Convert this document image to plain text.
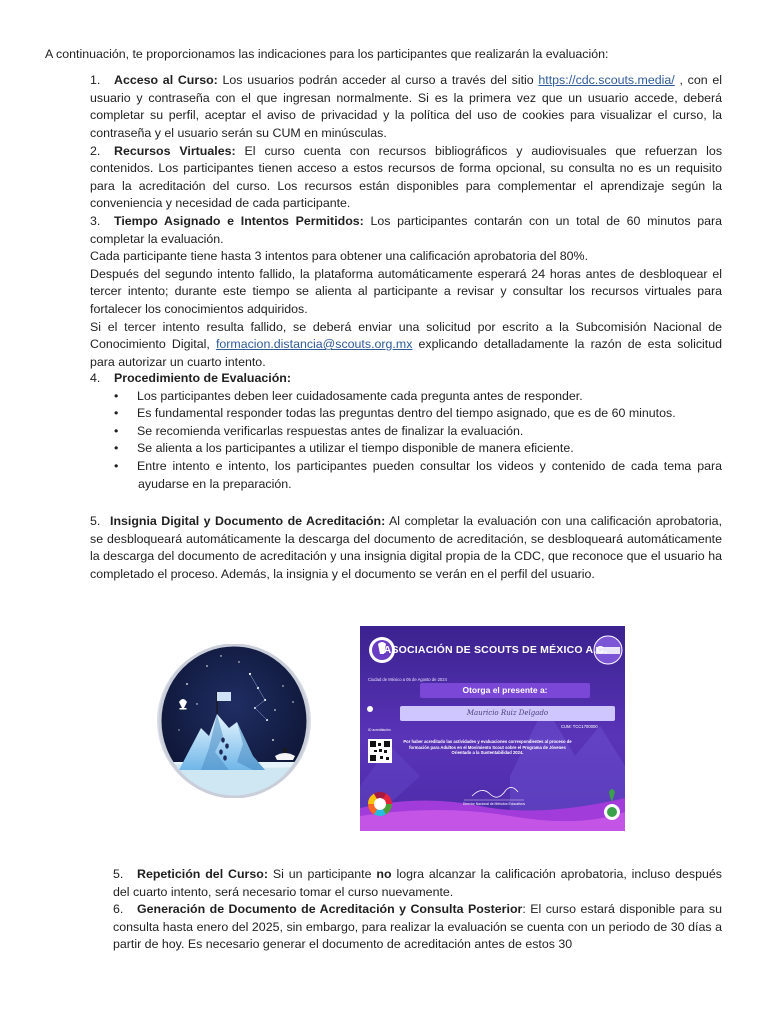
A continuación, te proporcionamos las indicaciones para los participantes que realizarán la evaluación:

1. Acceso al Curso: Los usuarios podrán acceder al curso a través del sitio https://cdc.scouts.media/ , con el usuario y contraseña con el que ingresan normalmente. Si es la primera vez que un usuario accede, deberá completar su perfil, aceptar el aviso de privacidad y la política del uso de cookies para visualizar el curso, la contraseña y el usuario serán su CUM en minúsculas.

2. Recursos Virtuales: El curso cuenta con recursos bibliográficos y audiovisuales que refuerzan los contenidos. Los participantes tienen acceso a estos recursos de forma opcional, su consulta no es un requisito para la acreditación del curso. Los recursos están disponibles para complementar el aprendizaje según la conveniencia y necesidad de cada participante.

3. Tiempo Asignado e Intentos Permitidos: Los participantes contarán con un total de 60 minutos para completar la evaluación.

Cada participante tiene hasta 3 intentos para obtener una calificación aprobatoria del 80%.

Después del segundo intento fallido, la plataforma automáticamente esperará 24 horas antes de desbloquear el tercer intento; durante este tiempo se alienta al participante a revisar y consultar los recursos virtuales para fortalecer los conocimientos adquiridos.

Si el tercer intento resulta fallido, se deberá enviar una solicitud por escrito a la Subcomisión Nacional de Conocimiento Digital, formacion.distancia@scouts.org.mx explicando detalladamente la razón de esta solicitud para autorizar un cuarto intento.

4. Procedimiento de Evaluación:

• Los participantes deben leer cuidadosamente cada pregunta antes de responder.
• Es fundamental responder todas las preguntas dentro del tiempo asignado, que es de 60 minutos.
• Se recomienda verificarlas respuestas antes de finalizar la evaluación.
• Se alienta a los participantes a utilizar el tiempo disponible de manera eficiente.
• Entre intento e intento, los participantes pueden consultar los videos y contenido de cada tema para ayudarse en la preparación.

5. Insignia Digital y Documento de Acreditación: Al completar la evaluación con una calificación aprobatoria, se desbloqueará automáticamente la descarga del documento de acreditación, se desbloqueará automáticamente la descarga del documento de acreditación y una insignia digital propia de la CDC, que reconoce que el usuario ha completado el proceso. Además, la insignia y el documento se verán en el perfil del usuario.

ASOCIACIÓN DE SCOUTS DE MÉXICO A.C.
Ciudad de México a 05 de Agosto de 2024
Otorga el presente a:
Mauricio Ruiz Delgado
ID acreditación
CUM: TCC1700000
Por haber acreditado las actividades y evaluaciones correspondientes al proceso de formación para Adultos en el Movimiento Scout sobre el Programa de Jóvenes Orientado a la Sustentabilidad 2024.
Director Nacional de Métodos Educativos

5. Repetición del Curso: Si un participante no logra alcanzar la calificación aprobatoria, incluso después del cuarto intento, será necesario tomar el curso nuevamente.

6. Generación de Documento de Acreditación y Consulta Posterior: El curso estará disponible para su consulta hasta enero del 2025, sin embargo, para realizar la evaluación se cuenta con un periodo de 30 días a partir de hoy. Es necesario generar el documento de acreditación antes de estos 30
